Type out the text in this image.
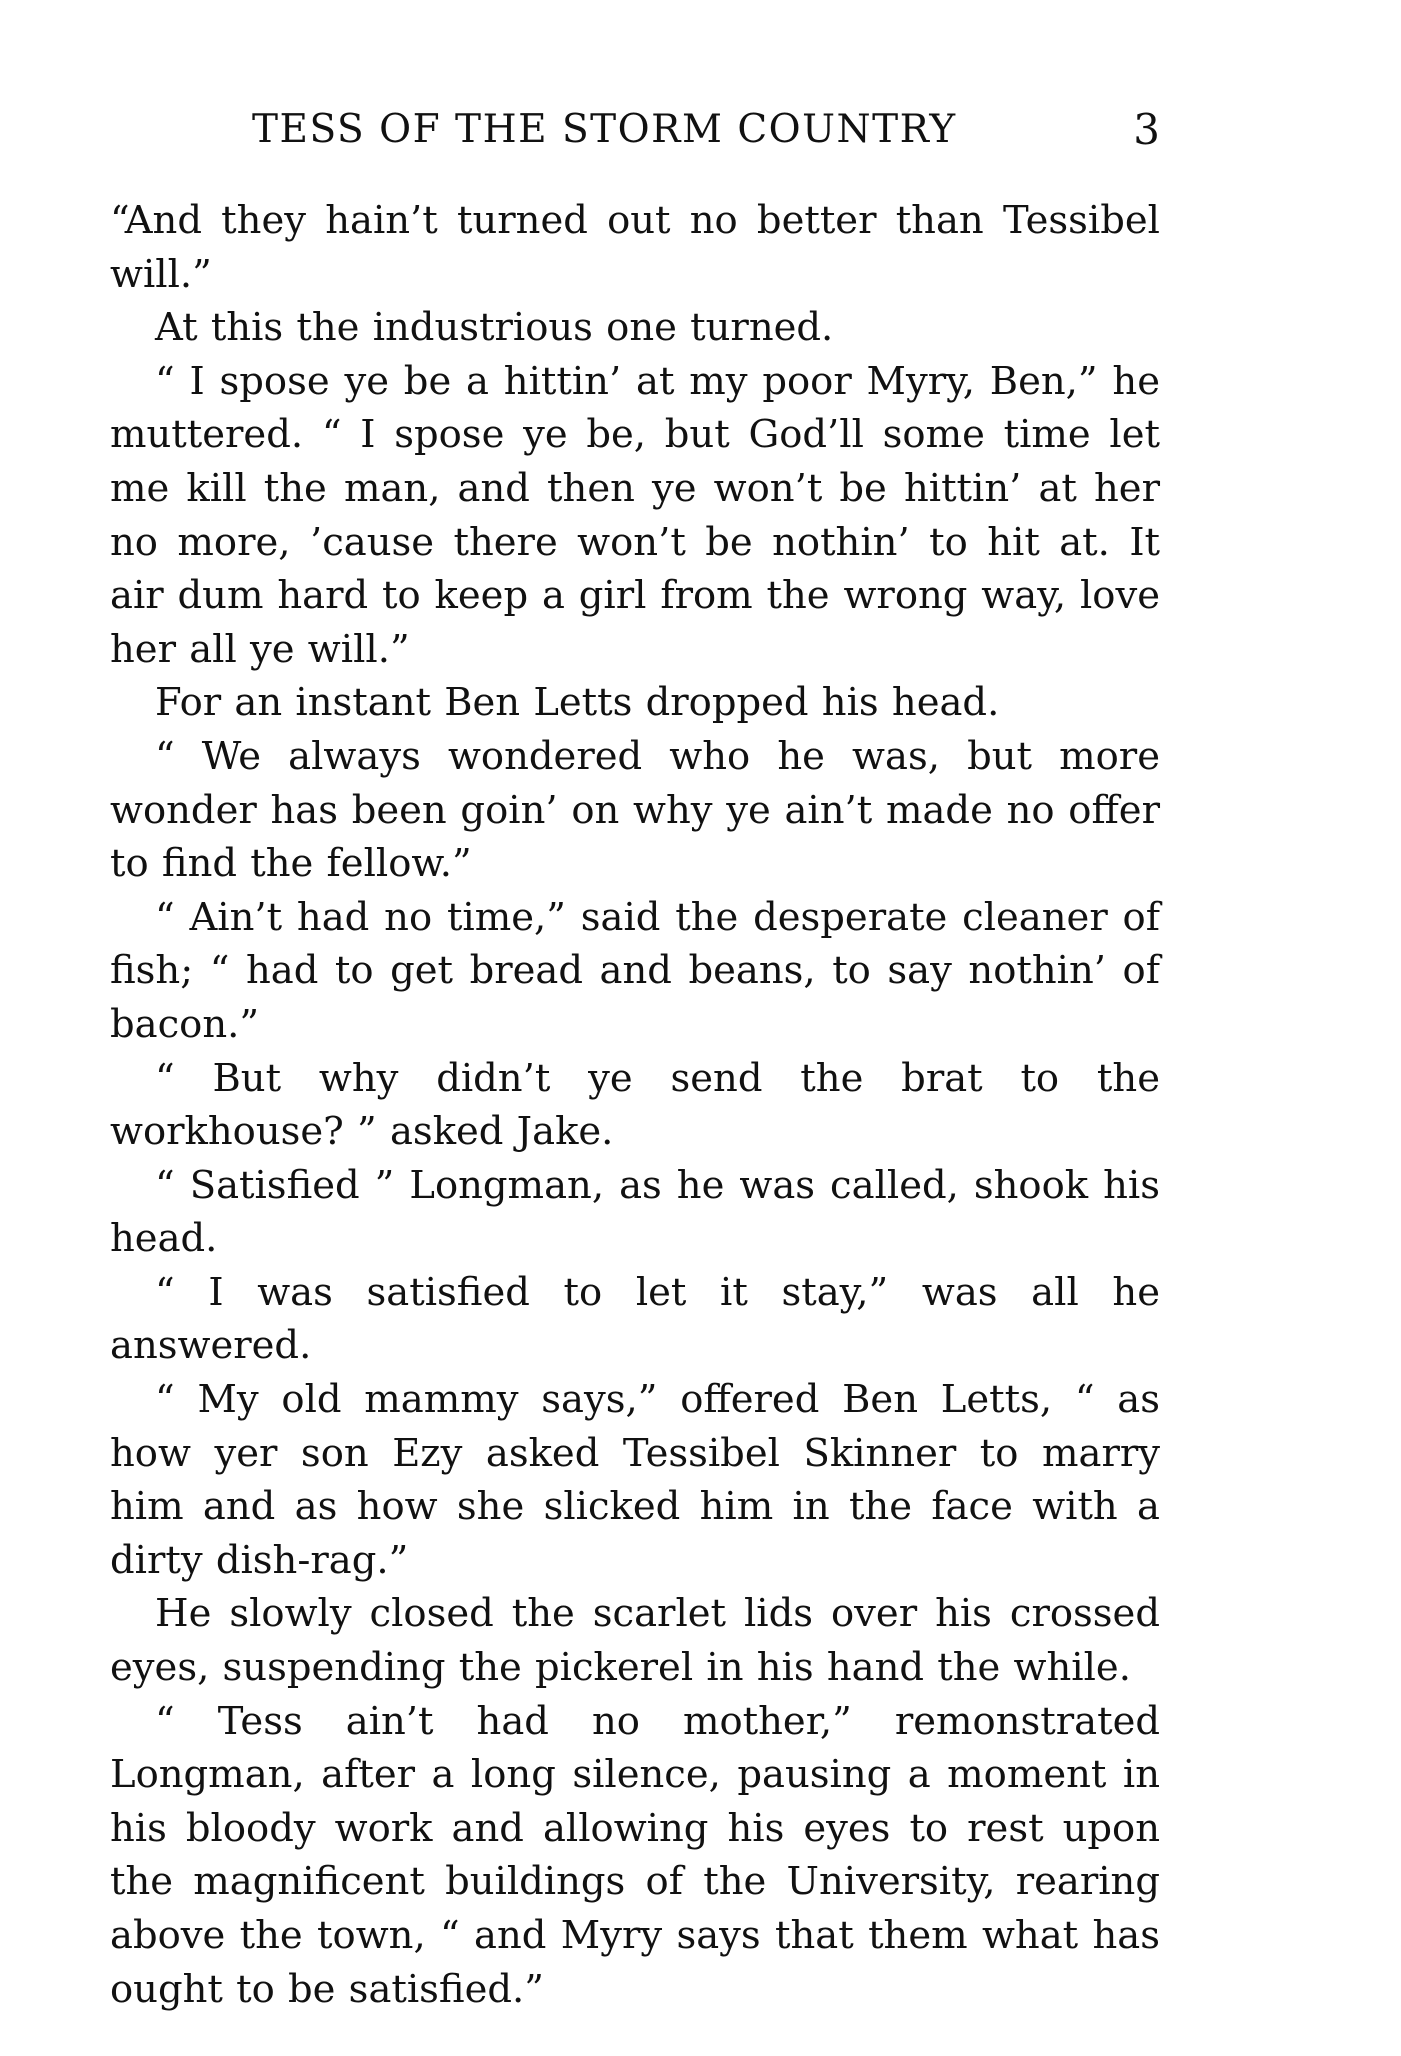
TESS OF THE STORM COUNTRY	3

“And they hain’t turned out no better than Tessibel will.”

At this the industrious one turned.

“ I spose ye be a hittin’ at my poor Myry, Ben,” he muttered. “ I spose ye be, but God’ll some time let me kill the man, and then ye won’t be hittin’ at her no more, ’cause there won’t be nothin’ to hit at. It air dum hard to keep a girl from the wrong way, love her all ye will.”

For an instant Ben Letts dropped his head.

“ We always wondered who he was, but more wonder has been goin’ on why ye ain’t made no offer to find the fellow.”

“ Ain’t had no time,” said the desperate cleaner of fish; “ had to get bread and beans, to say nothin’ of bacon.”

“ But why didn’t ye send the brat to the workhouse? ” asked Jake.

“ Satisfied ” Longman, as he was called, shook his head.

“ I was satisfied to let it stay,” was all he answered.

“ My old mammy says,” offered Ben Letts, “ as how yer son Ezy asked Tessibel Skinner to marry him and as how she slicked him in the face with a dirty dish-rag.”

He slowly closed the scarlet lids over his crossed eyes, suspending the pickerel in his hand the while.

“ Tess ain’t had no mother,” remonstrated Longman, after a long silence, pausing a moment in his bloody work and allowing his eyes to rest upon the magnificent buildings of the University, rearing above the town, “ and Myry says that them what has ought to be satisfied.”
